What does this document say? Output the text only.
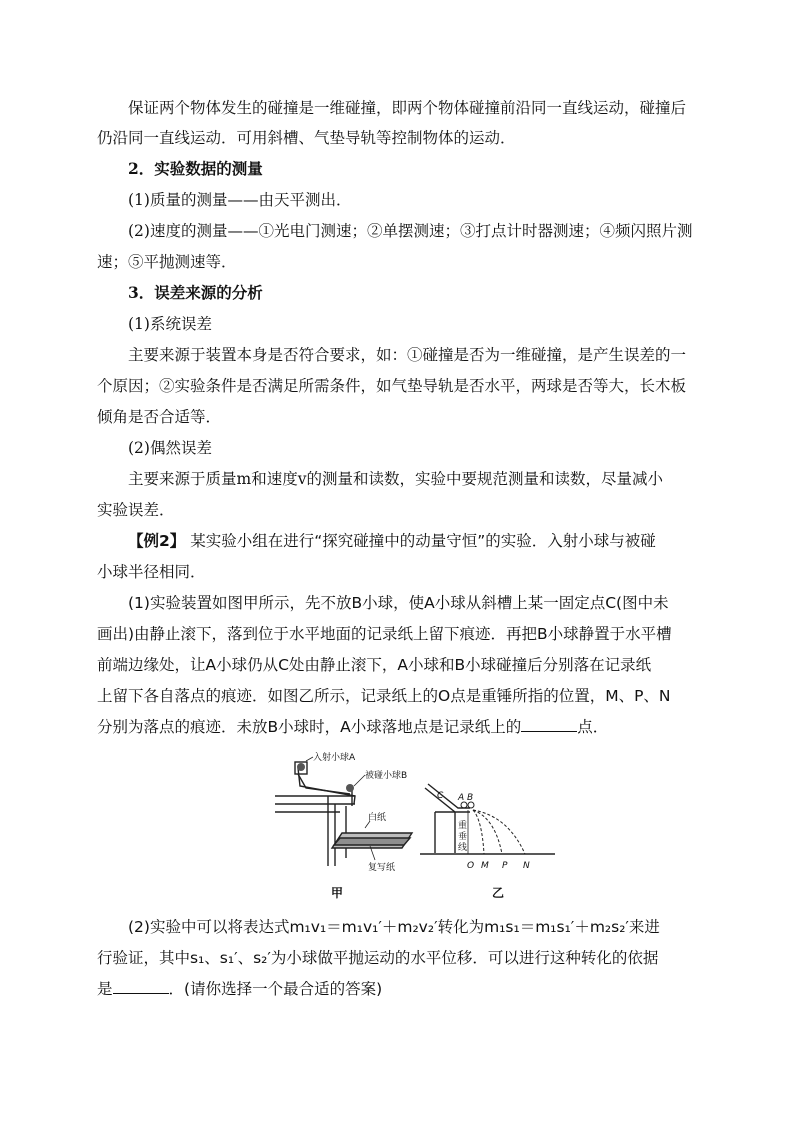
保证两个物体发生的碰撞是一维碰撞，即两个物体碰撞前沿同一直线运动，碰撞后
仍沿同一直线运动．可用斜槽、气垫导轨等控制物体的运动．
2．实验数据的测量
(1)质量的测量——由天平测出．
(2)速度的测量——①光电门测速；②单摆测速；③打点计时器测速；④频闪照片测
速；⑤平抛测速等．
3．误差来源的分析
(1)系统误差
主要来源于装置本身是否符合要求，如：①碰撞是否为一维碰撞，是产生误差的一
个原因；②实验条件是否满足所需条件，如气垫导轨是否水平，两球是否等大，长木板
倾角是否合适等．
(2)偶然误差
主要来源于质量m和速度v的测量和读数，实验中要规范测量和读数，尽量减小
实验误差．
【例2】 某实验小组在进行“探究碰撞中的动量守恒”的实验．入射小球与被碰
小球半径相同．
(1)实验装置如图甲所示，先不放B小球，使A小球从斜槽上某一固定点C(图中未
画出)由静止滚下，落到位于水平地面的记录纸上留下痕迹．再把B小球静置于水平槽
前端边缘处，让A小球仍从C处由静止滚下，A小球和B小球碰撞后分别落在记录纸
上留下各自落点的痕迹．如图乙所示，记录纸上的O点是重锤所指的位置，M、P、N
分别为落点的痕迹．未放B小球时，A小球落地点是记录纸上的	点．
入射小球A
被碰小球B
白纸
复写纸
C A B
重
垂
线
O M P N
甲	乙
(2)实验中可以将表达式m₁v₁＝m₁v₁′＋m₂v₂′转化为m₁s₁＝m₁s₁′＋m₂s₂′来进
行验证，其中s₁、s₁′、s₂′为小球做平抛运动的水平位移．可以进行这种转化的依据
是	．(请你选择一个最合适的答案)
